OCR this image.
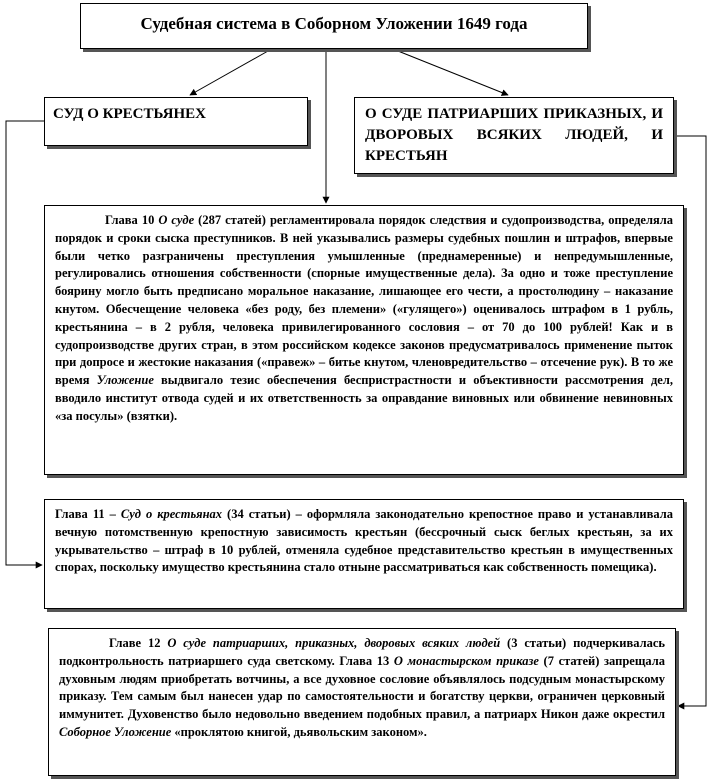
Судебная система в Соборном Уложении 1649 года
СУД О КРЕСТЬЯНЕХ	О СУДЕ ПАТРИАРШИХ ПРИКАЗНЫХ, И ДВОРОВЫХ ВСЯКИХ ЛЮДЕЙ, И КРЕСТЬЯН
Глава 10 О суде (287 статей) регламентировала порядок следствия и судопроизводства, определяла порядок и сроки сыска преступников. В ней указывались размеры судебных пошлин и штрафов, впервые были четко разграничены преступления умышленные (преднамеренные) и непредумышленные, регулировались отношения собственности (спорные имущественные дела). За одно и тоже преступление боярину могло быть предписано моральное наказание, лишающее его чести, а простолюдину – наказание кнутом. Обесчещение человека «без роду, без племени» («гулящего») оценивалось штрафом в 1 рубль, крестьянина – в 2 рубля, человека привилегированного сословия – от 70 до 100 рублей! Как и в судопроизводстве других стран, в этом российском кодексе законов предусматривалось применение пыток при допросе и жестокие наказания («правеж» – битье кнутом, членовредительство – отсечение рук). В то же время Уложение выдвигало тезис обеспечения беспристрастности и объективности рассмотрения дел, вводило институт отвода судей и их ответственность за оправдание виновных или обвинение невиновных «за посулы» (взятки).
Глава 11 – Суд о крестьянах (34 статьи) – оформляла законодательно крепостное право и устанавливала вечную потомственную крепостную зависимость крестьян (бессрочный сыск беглых крестьян, за их укрывательство – штраф в 10 рублей, отменяла судебное представительство крестьян в имущественных спорах, поскольку имущество крестьянина стало отныне рассматриваться как собственность помещика).
Главе 12 О суде патриарших, приказных, дворовых всяких людей (3 статьи) подчеркивалась подконтрольность патриаршего суда светскому. Глава 13 О монастырском приказе (7 статей) запрещала духовным людям приобретать вотчины, а все духовное сословие объявлялось подсудным монастырскому приказу. Тем самым был нанесен удар по самостоятельности и богатству церкви, ограничен церковный иммунитет. Духовенство было недовольно введением подобных правил, а патриарх Никон даже окрестил Соборное Уложение «проклятою книгой, дьявольским законом».
